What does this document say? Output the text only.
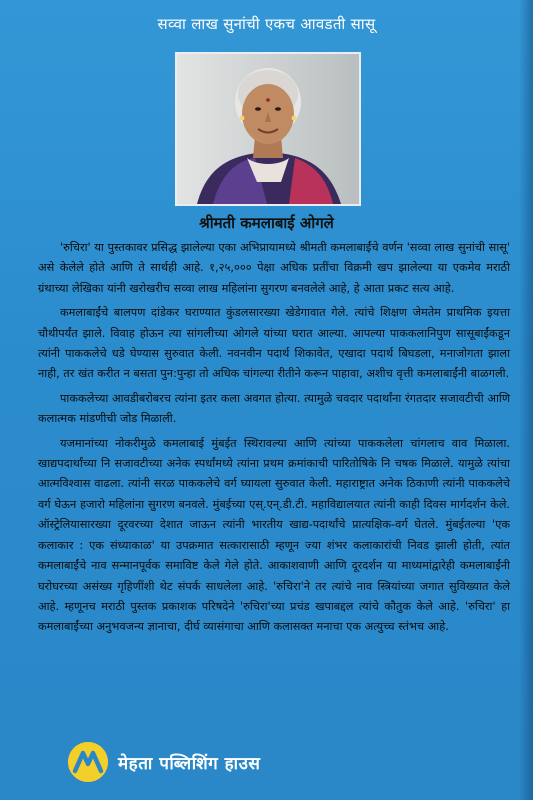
सव्वा लाख सुनांची एकच आवडती सासू
श्रीमती कमलाबाई ओगले

'रुचिरा' या पुस्तकावर प्रसिद्ध झालेल्या एका अभिप्रायामध्ये श्रीमती कमलाबाईंचे वर्णन 'सव्वा लाख सुनांची सासू' असे केलेले होते आणि ते सार्थही आहे. १,२५,००० पेक्षा अधिक प्रतींचा विक्रमी खप झालेल्या या एकमेव मराठी ग्रंथाच्या लेखिका यांनी खरोखरीच सव्वा लाख महिलांना सुगरण बनवलेले आहे, हे आता प्रकट सत्य आहे.

कमलाबाईंचे बालपण दांडेकर घराण्यात कुंडलसारख्या खेडेगावात गेले. त्यांचे शिक्षण जेमतेम प्राथमिक इयत्ता चौथीपर्यंत झाले. विवाह होऊन त्या सांगलीच्या ओगले यांच्या घरात आल्या. आपल्या पाककलानिपुण सासूबाईंकडून त्यांनी पाककलेचे धडे घेण्यास सुरुवात केली. नवनवीन पदार्थ शिकावेत, एखादा पदार्थ बिघडला, मनाजोगता झाला नाही, तर खंत करीत न बसता पुन:पुन्हा तो अधिक चांगल्या रीतीने करून पाहावा, अशीच वृत्ती कमलाबाईंनी बाळगली.

पाककलेच्या आवडीबरोबरच त्यांना इतर कला अवगत होत्या. त्यामुळे चवदार पदार्थांना रंगतदार सजावटीची आणि कलात्मक मांडणीची जोड मिळाली.

यजमानांच्या नोकरीमुळे कमलाबाई मुंबईत स्थिरावल्या आणि त्यांच्या पाककलेला चांगलाच वाव मिळाला. खाद्यपदार्थांच्या नि सजावटीच्या अनेक स्पर्धांमध्ये त्यांना प्रथम क्रमांकाची पारितोषिके नि चषक मिळाले. यामुळे त्यांचा आत्मविश्वास वाढला. त्यांनी सरळ पाककलेचे वर्ग घ्यायला सुरुवात केली. महाराष्ट्रात अनेक ठिकाणी त्यांनी पाककलेचे वर्ग घेऊन हजारो महिलांना सुगरण बनवले. मुंबईच्या एस्.एन्.डी.टी. महाविद्यालयात त्यांनी काही दिवस मार्गदर्शन केले. ऑस्ट्रेलियासारख्या दूरवरच्या देशात जाऊन त्यांनी भारतीय खाद्य-पदार्थांचे प्रात्यक्षिक-वर्ग घेतले. मुंबईतल्या 'एक कलाकार : एक संध्याकाळ' या उपक्रमात सत्कारासाठी म्हणून ज्या शंभर कलाकारांची निवड झाली होती, त्यांत कमलाबाईंचे नाव सन्मानपूर्वक समाविष्ट केले गेले होते. आकाशवाणी आणि दूरदर्शन या माध्यमांद्वारेही कमलाबाईंनी घरोघरच्या असंख्य गृहिणींशी थेट संपर्क साधलेला आहे. 'रुचिरा'ने तर त्यांचे नाव स्त्रियांच्या जगात सुविख्यात केले आहे. म्हणूनच मराठी पुस्तक प्रकाशक परिषदेने 'रुचिरा'च्या प्रचंड खपाबद्दल त्यांचे कौतुक केले आहे. 'रुचिरा' हा कमलाबाईंच्या अनुभवजन्य ज्ञानाचा, दीर्घ व्यासंगाचा आणि कलासक्त मनाचा एक अत्युच्च स्तंभच आहे.

मेहता पब्लिशिंग हाउस
